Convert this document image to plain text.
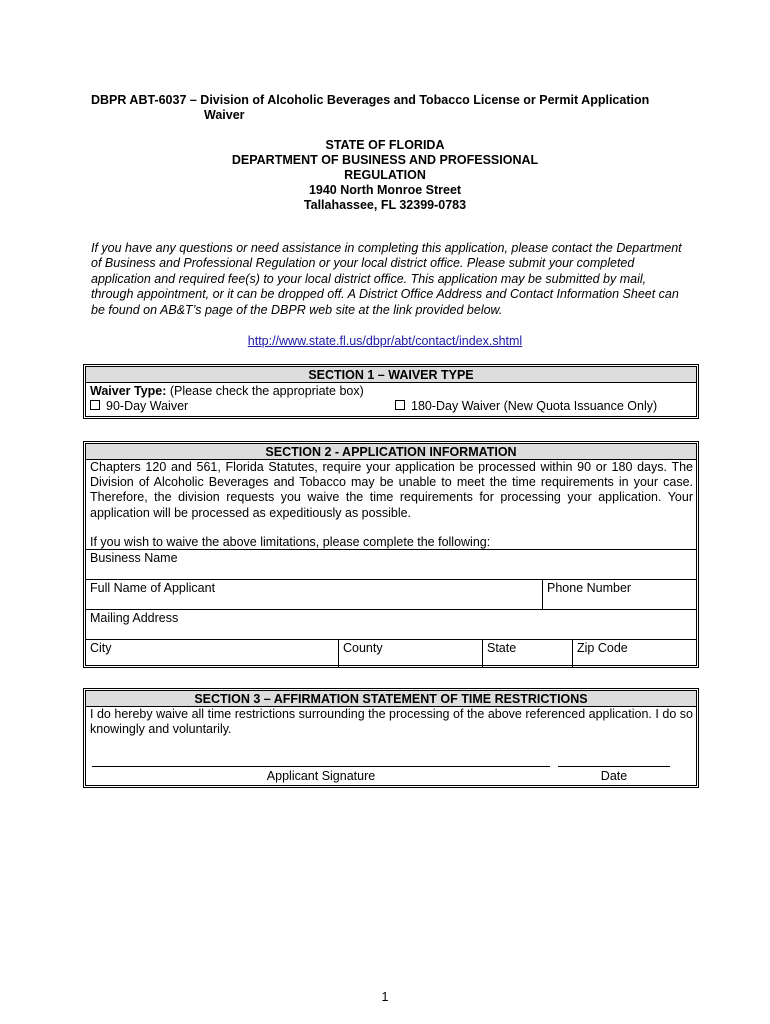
DBPR ABT-6037 – Division of Alcoholic Beverages and Tobacco License or Permit Application
Waiver
STATE OF FLORIDA
DEPARTMENT OF BUSINESS AND PROFESSIONAL
REGULATION
1940 North Monroe Street
Tallahassee, FL 32399-0783
If you have any questions or need assistance in completing this application, please contact the Department of Business and Professional Regulation or your local district office. Please submit your completed application and required fee(s) to your local district office. This application may be submitted by mail, through appointment, or it can be dropped off. A District Office Address and Contact Information Sheet can be found on AB&T’s page of the DBPR web site at the link provided below.
http://www.state.fl.us/dbpr/abt/contact/index.shtml
SECTION 1 – WAIVER TYPE
Waiver Type: (Please check the appropriate box)
90-Day Waiver	180-Day Waiver (New Quota Issuance Only)
SECTION 2 - APPLICATION INFORMATION
Chapters 120 and 561, Florida Statutes, require your application be processed within 90 or 180 days. The Division of Alcoholic Beverages and Tobacco may be unable to meet the time requirements in your case. Therefore, the division requests you waive the time requirements for processing your application. Your application will be processed as expeditiously as possible.
If you wish to waive the above limitations, please complete the following:
Business Name
Full Name of Applicant	Phone Number
Mailing Address
City	County	State	Zip Code
SECTION 3 – AFFIRMATION STATEMENT OF TIME RESTRICTIONS
I do hereby waive all time restrictions surrounding the processing of the above referenced application. I do so knowingly and voluntarily.
Applicant Signature	Date
1
